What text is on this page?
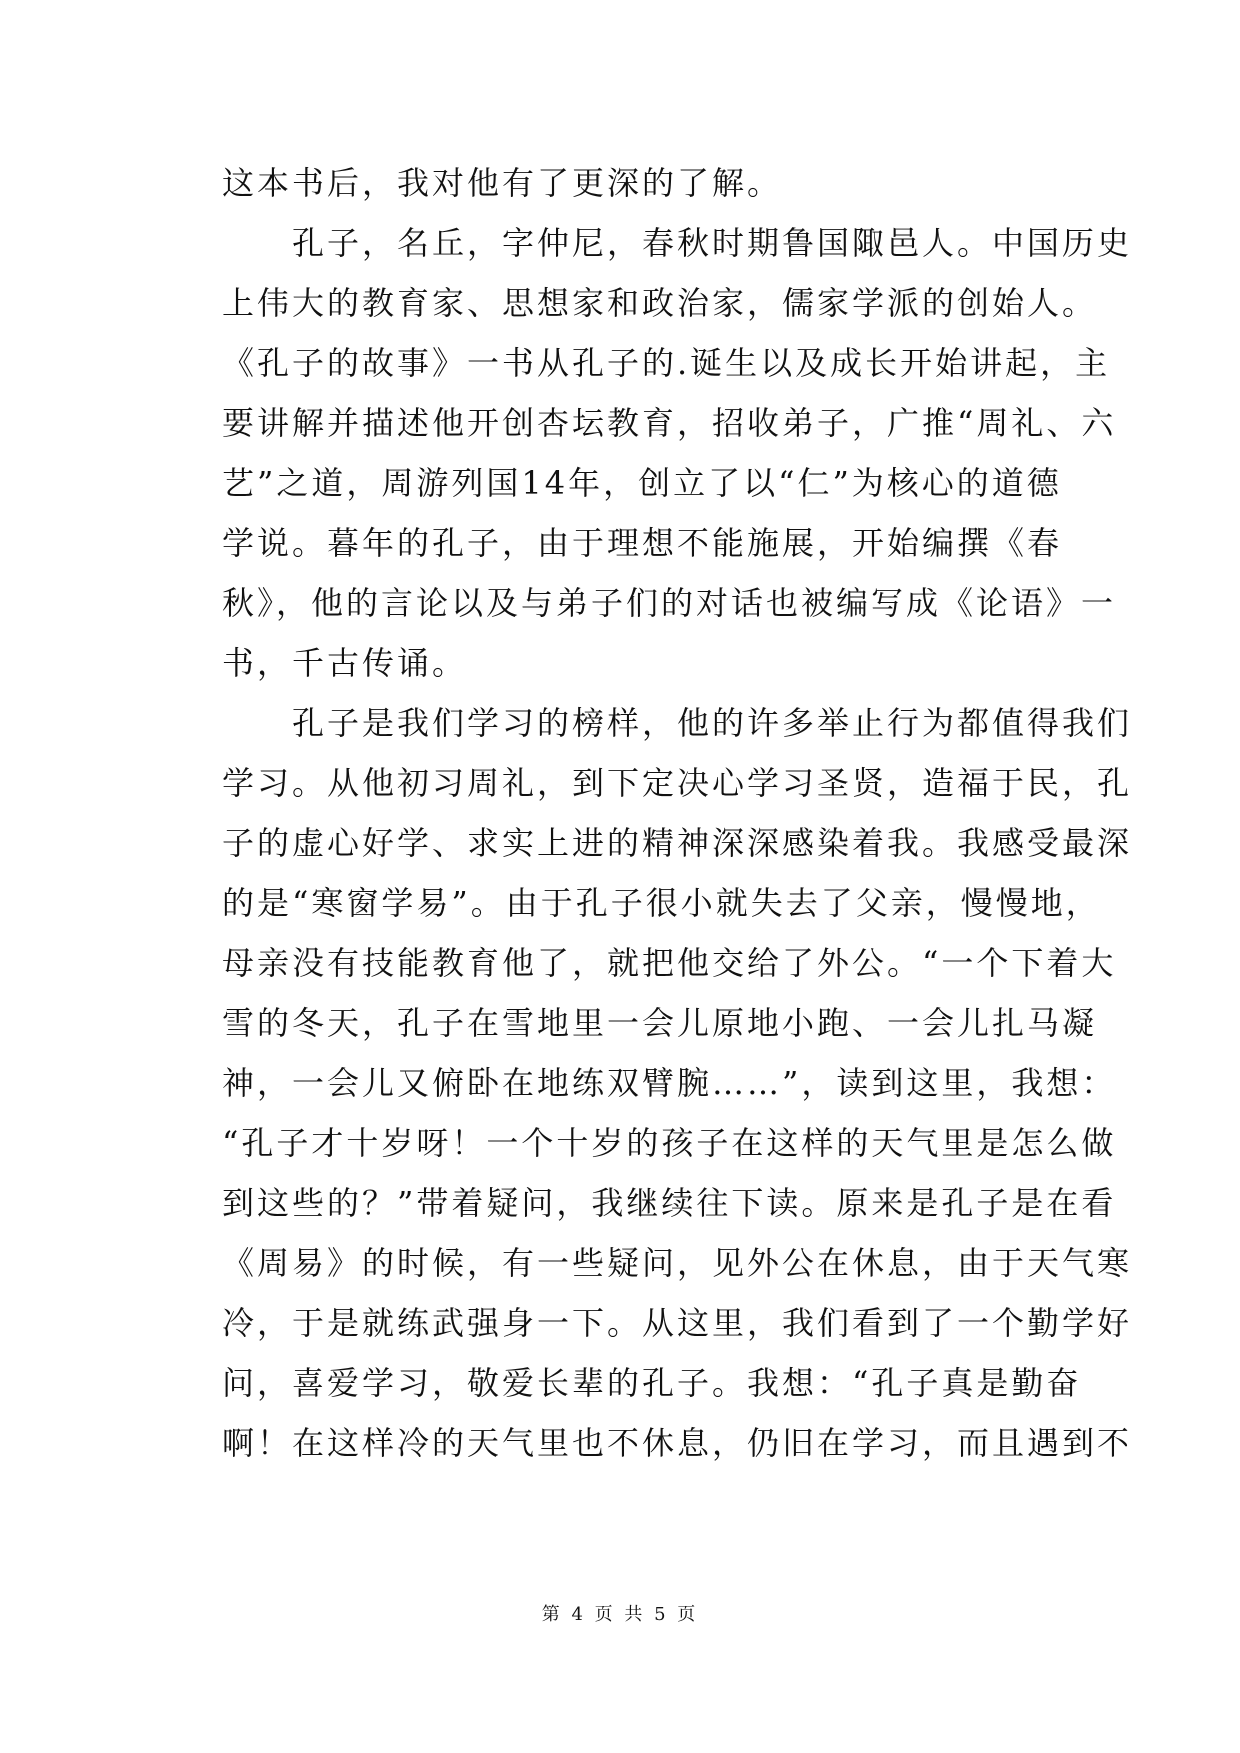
这本书后，我对他有了更深的了解。
　　孔子，名丘，字仲尼，春秋时期鲁国陬邑人。中国历史
上伟大的教育家、思想家和政治家，儒家学派的创始人。
《孔子的故事》一书从孔子的.诞生以及成长开始讲起，主
要讲解并描述他开创杏坛教育，招收弟子，广推“周礼、六
艺”之道，周游列国14年，创立了以“仁”为核心的道德
学说。暮年的孔子，由于理想不能施展，开始编撰《春
秋》，他的言论以及与弟子们的对话也被编写成《论语》一
书，千古传诵。
　　孔子是我们学习的榜样，他的许多举止行为都值得我们
学习。从他初习周礼，到下定决心学习圣贤，造福于民，孔
子的虚心好学、求实上进的精神深深感染着我。我感受最深
的是“寒窗学易”。由于孔子很小就失去了父亲，慢慢地，
母亲没有技能教育他了，就把他交给了外公。“一个下着大
雪的冬天，孔子在雪地里一会儿原地小跑、一会儿扎马凝
神，一会儿又俯卧在地练双臂腕……”，读到这里，我想：
“孔子才十岁呀！一个十岁的孩子在这样的天气里是怎么做
到这些的？”带着疑问，我继续往下读。原来是孔子是在看
《周易》的时候，有一些疑问，见外公在休息，由于天气寒
冷，于是就练武强身一下。从这里，我们看到了一个勤学好
问，喜爱学习，敬爱长辈的孔子。我想：“孔子真是勤奋
啊！在这样冷的天气里也不休息，仍旧在学习，而且遇到不
第 4 页 共 5 页
